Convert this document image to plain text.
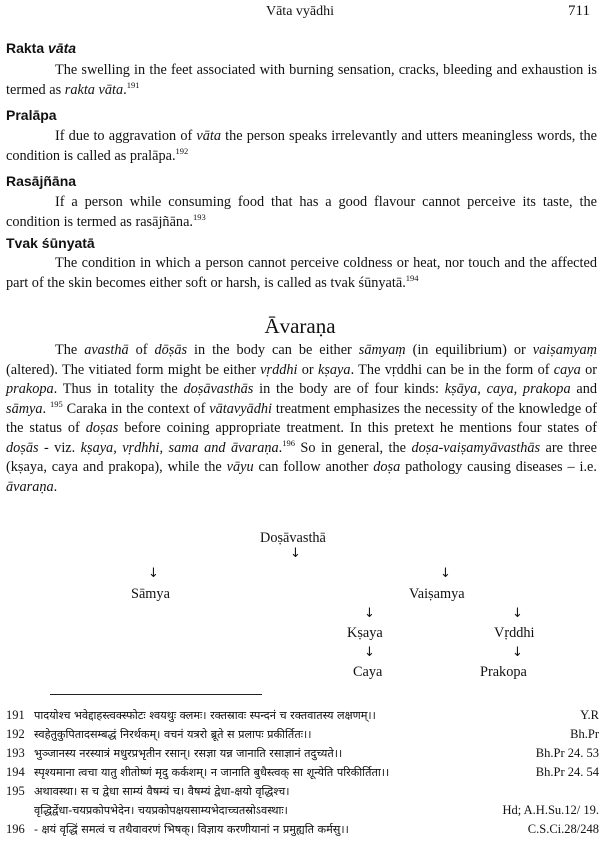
Vāta vyādhi	711
Rakta vāta
The swelling in the feet associated with burning sensation, cracks, bleeding and exhaustion is termed as rakta vāta.$^{191}$
Pralāpa
If due to aggravation of vāta the person speaks irrelevantly and utters meaningless words, the condition is called as pralāpa.$^{192}$
Rasājñāna
If a person while consuming food that has a good flavour cannot perceive its taste, the condition is termed as rasājñāna.$^{193}$
Tvak śūnyatā
The condition in which a person cannot perceive coldness or heat, nor touch and the affected part of the skin becomes either soft or harsh, is called as tvak śūnyatā.$^{194}$
Āvaraṇa
The avasthā of dōṣās in the body can be either sāmyaṃ (in equilibrium) or vaiṣamyaṃ (altered). The vitiated form might be either vṛddhi or kṣaya. The vṛddhi can be in the form of caya or prakopa. Thus in totality the doṣāvasthās in the body are of four kinds: kṣāya, caya, prakopa and sāmya. $^{195}$ Caraka in the context of vātavyādhi treatment emphasizes the necessity of the knowledge of the status of doṣas before coining appropriate treatment. In this pretext he mentions four states of doṣās - viz. kṣaya, vṛdhhi, sama and āvaraṇa.$^{196}$ So in general, the doṣa-vaiṣamyāvasthās are three (kṣaya, caya and prakopa), while the vāyu can follow another doṣa pathology causing diseases – i.e. āvaraṇa.
Doṣāvasthā
↓
↓	↓
Sāmya	Vaiṣamya
↓	↓
Kṣaya	Vṛddhi
↓	↓
Caya	Prakopa
191 पादयोश्च भवेद्दाहस्त्वक्स्फोटः श्वयथुः क्लमः। रक्तस्रावः स्पन्दनं च रक्तवातस्य लक्षणम्।।	Y.R
192 स्वहेतुकुपितादसम्बद्धं निरर्थकम्। वचनं यत्ररो ब्रूते स प्रलापः प्रकीर्तितः।।	Bh.Pr
193 भुञ्जानस्य नरस्यात्रं मधुरप्रभृतीन रसान्। रसज्ञा यन्न जानाति रसाज्ञानं तदुच्यते।।	Bh.Pr 24. 53
194 स्पृश्यमाना त्वचा यातु शीतोष्णं मृदु कर्कशम्। न जानाति बुधैस्त्वक् सा शून्येति परिकीर्तिता।।	Bh.Pr 24. 54
195 अथावस्था। स च द्वेधा साम्यं वैषम्यं च। वैषम्यं द्वेधा-क्षयो वृद्धिश्च।
वृद्धिर्द्वेधा-चयप्रकोपभेदेन। चयप्रकोपक्षयसाम्यभेदाच्चतस्रोऽवस्थाः।	Hd; A.H.Su.12/ 19.
196 - क्षयं वृद्धिं समत्वं च तथैवावरणं भिषक्। विज्ञाय करणीयानां न प्रमुह्यति कर्मसु।।	C.S.Ci.28/248
